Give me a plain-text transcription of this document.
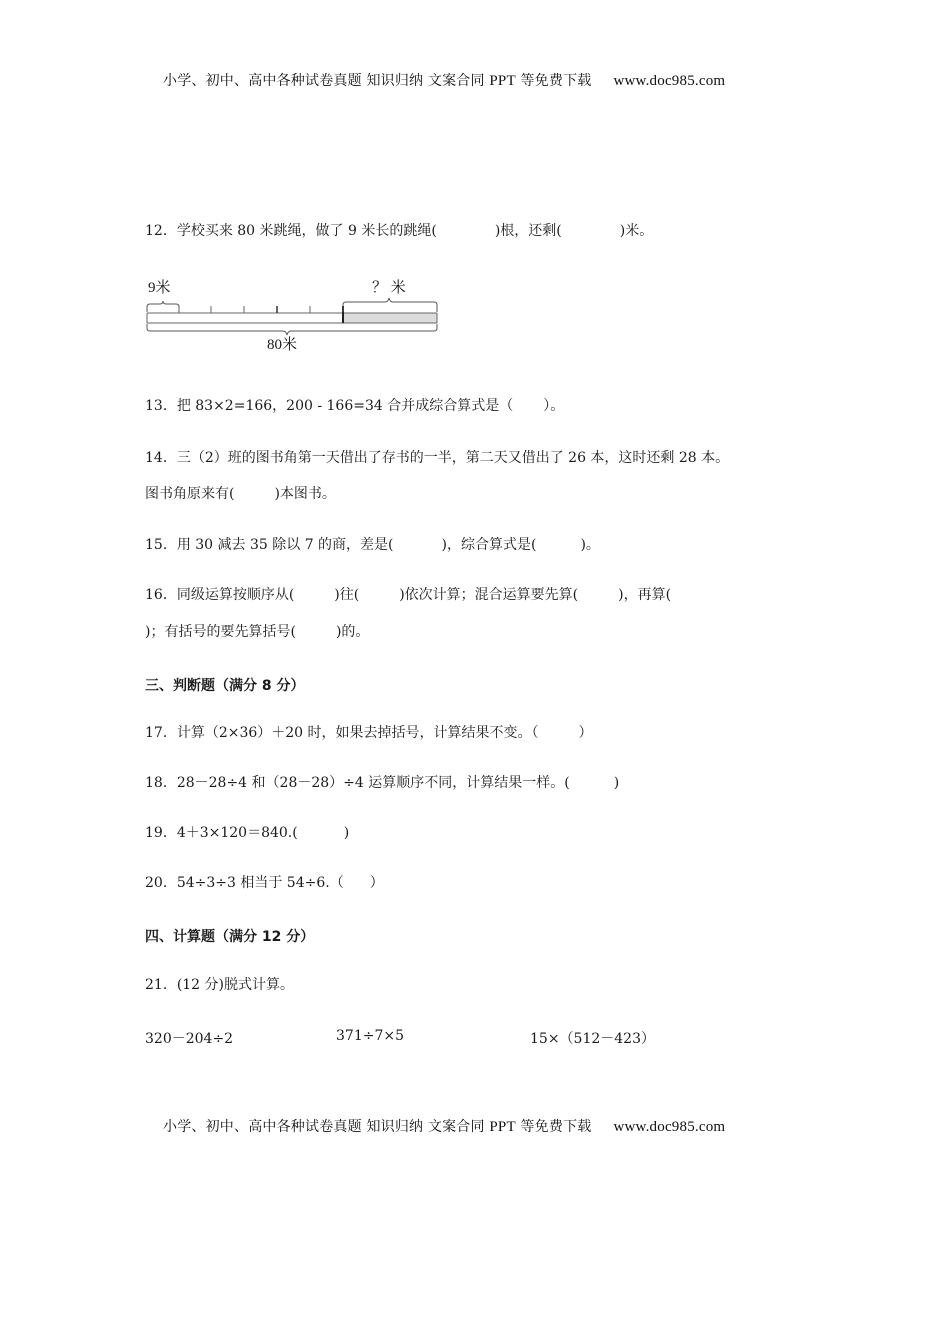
小学、初中、高中各种试卷真题 知识归纳 文案合同 PPT 等免费下载 www.doc985.com
12．学校买来 80 米跳绳，做了 9 米长的跳绳(	)根，还剩(	)米。
9米	？ 米
80米
13．把 83×2=166，200 - 166=34 合并成综合算式是（ ）。
14．三（2）班的图书角第一天借出了存书的一半，第二天又借出了 26 本，这时还剩 28 本。
图书角原来有(	)本图书。
15．用 30 减去 35 除以 7 的商，差是(	)，综合算式是(	)。
16．同级运算按顺序从(	)往(	)依次计算；混合运算要先算(	)，再算(
)；有括号的要先算括号(	)的。
三、判断题（满分 8 分）
17．计算（2×36）＋20 时，如果去掉括号，计算结果不变。（	）
18．28－28÷4 和（28－28）÷4 运算顺序不同，计算结果一样。(	)
19．4＋3×120＝840.(	)
20．54÷3÷3 相当于 54÷6.（ ）
四、计算题（满分 12 分）
21．(12 分)脱式计算。
320－204÷2	371÷7×5	15×（512－423）
小学、初中、高中各种试卷真题 知识归纳 文案合同 PPT 等免费下载 www.doc985.com
